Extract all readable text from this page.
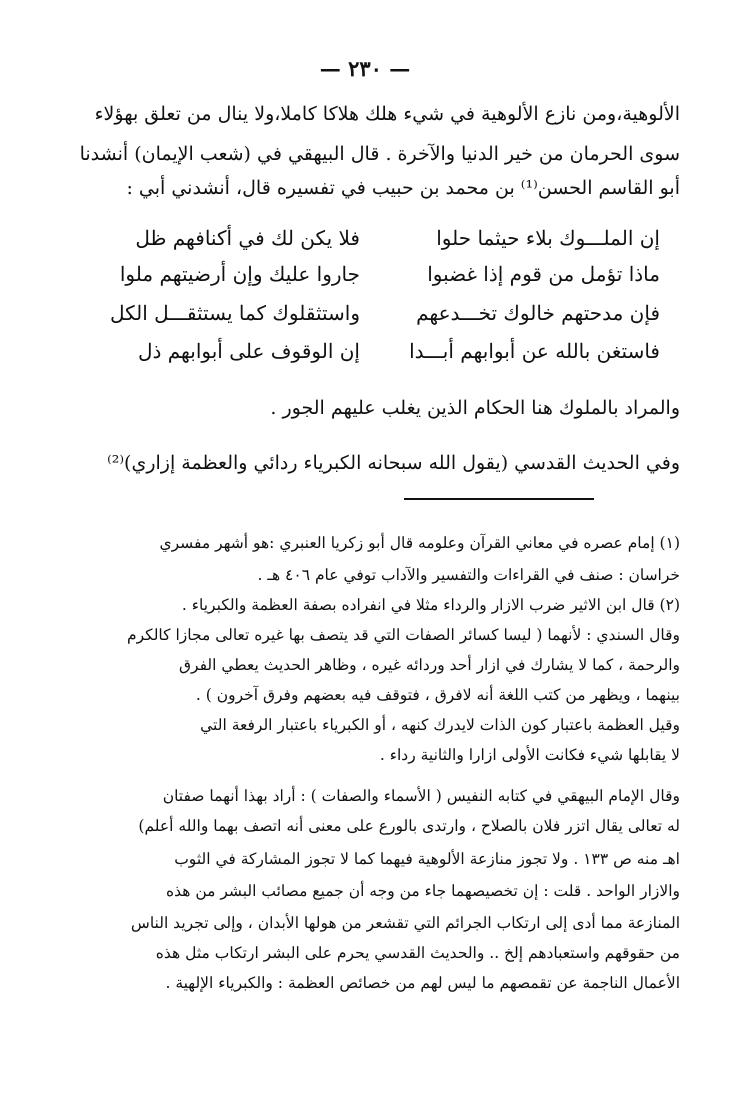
— ٢٣٠ —
الألوهية،ومن نازع الألوهية في شيء هلك هلاكا كاملا،ولا ينال من تعلق بهؤلاء
سوى الحرمان من خير الدنيا والآخرة . قال البيهقي في (شعب الإيمان) أنشدنا
أبو القاسم الحسن⁽¹⁾ بن محمد بن حبيب في تفسيره قال، أنشدني أبي :
إن الملـــوك بلاء حيثما حلوا
فلا يكن لك في أكنافهم ظل
ماذا تؤمل من قوم إذا غضبوا
جاروا عليك وإن أرضيتهم ملوا
فإن مدحتهم خالوك تخـــدعهم
واستثقلوك كما يستثقـــل الكل
فاستغن بالله عن أبوابهم أبـــدا
إن الوقوف على أبوابهم ذل
والمراد بالملوك هنا الحكام الذين يغلب عليهم الجور .
وفي الحديث القدسي (يقول الله سبحانه الكبرياء ردائي والعظمة إزاري)⁽²⁾
(١) إمام عصره في معاني القرآن وعلومه قال أبو زكريا العنبري :هو أشهر مفسري
خراسان : صنف في القراءات والتفسير والآداب توفي عام ٤٠٦ هـ .
(٢) قال ابن الاثير ضرب الازار والرداء مثلا في انفراده بصفة العظمة والكبرياء .
وقال السندي : لأنهما ( ليسا كسائر الصفات التي قد يتصف بها غيره تعالى مجازا كالكرم
والرحمة ، كما لا يشارك في ازار أحد وردائه غيره ، وظاهر الحديث يعطي الفرق
بينهما ، ويظهر من كتب اللغة أنه لافرق ، فتوقف فيه بعضهم وفرق آخرون ) .
وقيل العظمة باعتبار كون الذات لايدرك كنهه ، أو الكبرياء باعتبار الرفعة التي
لا يقابلها شيء فكانت الأولى ازارا والثانية رداء .
وقال الإمام البيهقي في كتابه النفيس ( الأسماء والصفات ) : أراد بهذا أنهما صفتان
له تعالى يقال اتزر فلان بالصلاح ، وارتدى بالورع على معنى أنه اتصف بهما والله أعلم)
اهـ منه ص ١٣٣ . ولا تجوز منازعة الألوهية فيهما كما لا تجوز المشاركة في الثوب
والازار الواحد . قلت : إن تخصيصهما جاء من وجه أن جميع مصائب البشر من هذه
المنازعة مما أدى إلى ارتكاب الجرائم التي تقشعر من هولها الأبدان ، وإلى تجريد الناس
من حقوقهم واستعبادهم إلخ .. والحديث القدسي يحرم على البشر ارتكاب مثل هذه
الأعمال الناجمة عن تقمصهم ما ليس لهم من خصائص العظمة : والكبرياء الإلهية .
